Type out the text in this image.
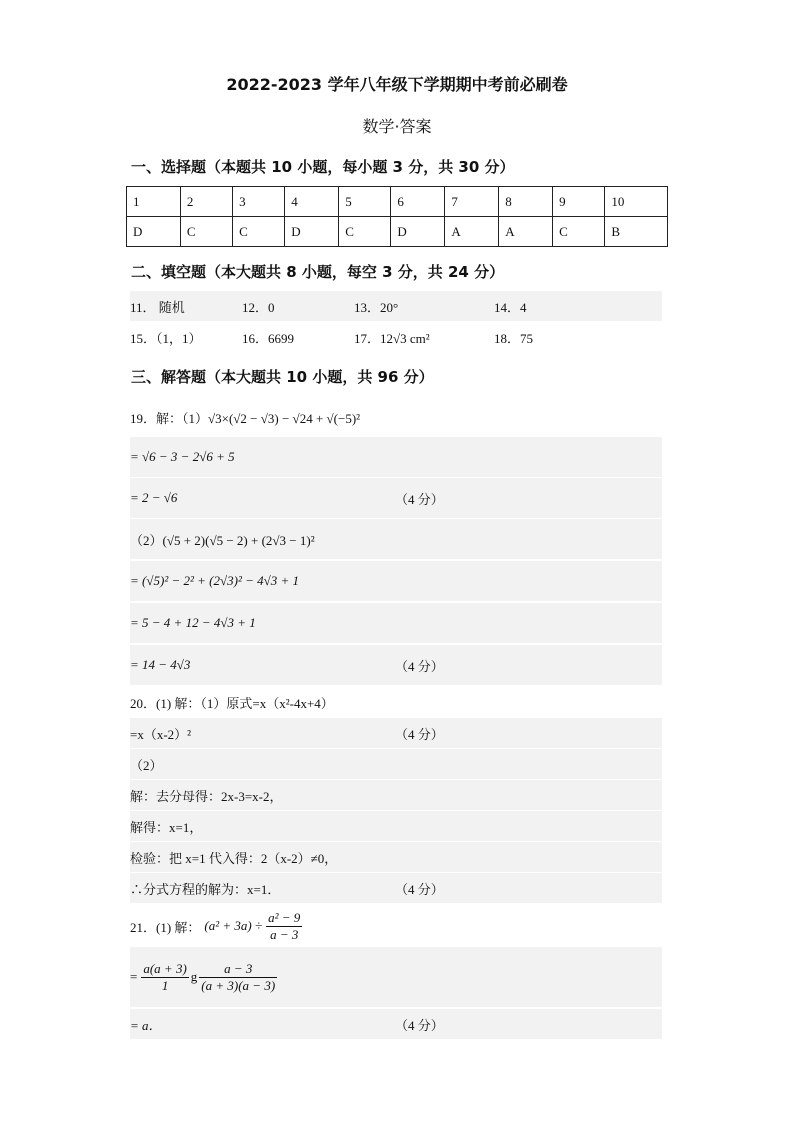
2022-2023 学年八年级下学期期中考前必刷卷
数学·答案
一、选择题（本题共 10 小题，每小题 3 分，共 30 分）
1	2	3	4	5	6	7	8	9	10
D	C	C	D	C	D	A	A	C	B
二、填空题（本大题共 8 小题，每空 3 分，共 24 分）
11． 随机	12．0	13．20°	14．4
15．（1，1）	16．6699	17．12√3 cm²	18．75
三、解答题（本大题共 10 小题，共 96 分）
19．解：（1）√3×(√2 − √3) − √24 + √(−5)²
= √6 − 3 − 2√6 + 5
= 2 − √6	（4 分）
（2）(√5 + 2)(√5 − 2) + (2√3 − 1)²
= (√5)² − 2² + (2√3)² − 4√3 + 1
= 5 − 4 + 12 − 4√3 + 1
= 14 − 4√3	（4 分）
20．(1) 解：（1）原式=x（x²-4x+4）
=x（x-2）²	（4 分）
（2）
解：去分母得：2x-3=x-2，
解得：x=1，
检验：把 x=1 代入得：2（x-2）≠0，
∴分式方程的解为：x=1．	（4 分）
21．(1) 解： $(a^2 + 3a) \div \frac{\text{a² − 9}}{a - 3}$
= $\frac{a(a + 3)}{1}$ g $\frac{a - 3}{(a + 3)(a - 3)}$
= a．	（4 分）
